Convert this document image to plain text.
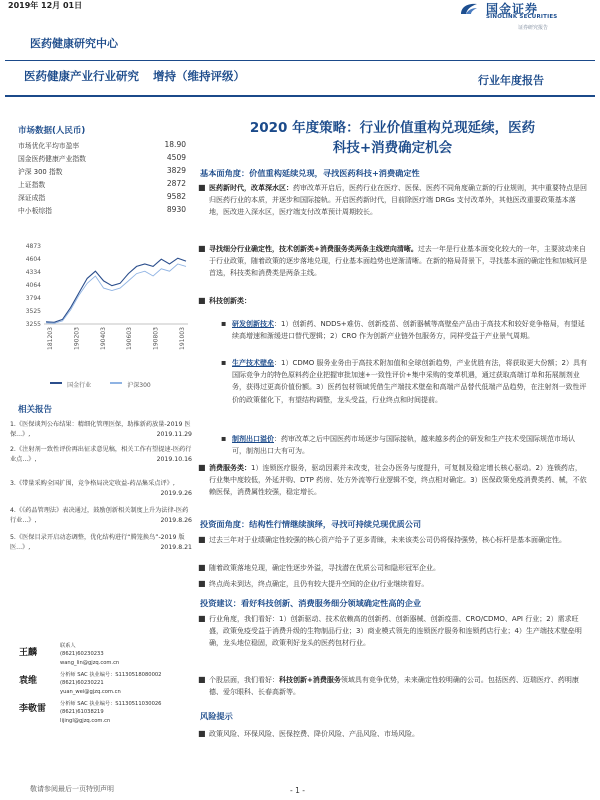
2019年 12月 01日	国金证券
SINOLINK SECURITIES
证券研究报告
医药健康研究中心
医药健康产业行业研究 增持（维持评级）	行业年度报告
市场数据(人民币)
市场优化平均市盈率	18.90
国金医药健康产业指数	4509
沪深 300 指数	3829
上证指数	2872
深证成指	9582
中小板综指	8930
4873
4604
4334
4064
3794
3525
3255
181203	190203	190403	190603	190803	191003
国金行业	沪深300
相关报告
1.《医保谈判公布结果：精细化管理医保，助推新药放量-2019 医保...》,	2019.11.29
2.《注射剂一致性评价再出征求意见稿，相关工作有望提速-医药行业点...》,	2019.10.16
3.《带量采购全国扩围，竞争格局决定收益-药品集采点评》,
2019.9.26
4.《《药品管理法》表决通过，鼓励创新相关制度上升为法律-医药行业...》,	2019.8.26
5.《医保目录开启动态调整，优化结构进行“腾笼换鸟”-2019 版医...》,	2019.8.21
王麟
联系人
(8621)60230233
wang_lin@gjzq.com.cn
袁维
分析师 SAC 执业编号：S1130518080002
(8621)60230221
yuan_wei@gjzq.com.cn
李敬雷	分析师 SAC 执业编号：S1130511030026
(8621)61038219
lijingl@gjzq.com.cn
2020 年度策略：行业价值重构兑现延续，医药
科技+消费确定机会
基本面角度：价值重构延续兑现，寻找医药科技+消费确定性
■ 医药新时代，改革深水区：药审改革开启后，医药行业在医疗、医保、医药不同角度确立新的行业规则，其中重要特点是回归医药行业的本质，并逐步和国际接轨。开启医药新时代，目前除医疗端 DRGs 支付改革外，其他医改重要政策基本落地，医改进入深水区，医疗端支付改革预计周期较长。
■ 寻找细分行业确定性，技术创新类+消费服务类两条主线逆向清晰。过去一年是行业基本面变化较大的一年，主要波动来自于行业政策，随着政策的逐步落地兑现，行业基本面趋势也逆渐清晰。在新的格局背景下，寻找基本面的确定性和加城河是首选，科技类和消费类是两条主线。
■ 科技创新类：
▪ 研发创新技术：1）创新药、NDDS+难仿、创新疫苗、创新器械等高壁垒产品由于高技术和较好竞争格局，有望延续高增速和渐缓进口替代逻辑；2）CRO 作为创新产业链外包服务方，同样受益于产业景气周期。
▪ 生产技术壁垒：1）CDMO 服务业务由于高技术附加值和全球创新趋势，产业优胜有法，将获取更大份额；2）具有国际竞争力的特色原料药企业把握审批加速+一致性评价+集中采购的变革机遇，通过获取高端订单和拓展制剂业务，获得过更高价值份额。3）医药包材领域凭借生产端技术壁垒和高端产品替代低端产品趋势，在注射剂一致性评价的政策催化下，有望结构调整，龙头受益，行业终点和时间提前。
▪ 制剂出口溢价：药审改革之后中国医药市场逐步与国际接轨，越来越多药企的研发和生产技术受国际规范市场认可，制剂出口大有可为。
■ 消费服务类：1）连锁医疗服务，驱动因素并未改变，社会办医务与度提升，可复制及稳定增长核心驱动。2）连锁药店，行业集中度较低，外延并购、DTP 药房、处方外流等行业逻辑不变，终点相对确定。3）医保政策免疫消费类药、械，不依赖医保，消费属性较强，稳定增长。
投资面角度：结构性行情继续演绎，寻找可持续兑现优质公司
■ 过去三年对于业绩确定性较强的核心资产给予了更多青睐，未来该类公司仍将保持强势，核心标杆是基本面确定性。
■ 随着政策落地兑现，确定性逐步外溢，寻找潜在优质公司和隐形冠军企业。
■ 终点尚未到达，终点确定，且仍有较大提升空间的企业/行业继续看好。
投资建议：看好科技创新、消费服务细分领域确定性高的企业
■ 行业角度，我们看好：1）创新驱动、技术依赖高的创新药、创新器械、创新疫苗、CRO/CDMO、API 行业；2）需求旺盛，政策免疫受益于消费升级的生物制品行业；3）商业模式领先的连锁医疗服务和连锁药店行业；4）生产端技术壁垒明确，龙头地位稳固，政策利好龙头的医药包材行业。
■ 个股层面，我们看好：科技创新+消费服务领域具有竞争优势，未来确定性较明确的公司。包括医药、迈瑞医疗、药明康德、爱尔眼科、长春高新等。
风险提示
■ 政策风险、环保风险、医保控费、降价风险、产品风险、市场风险。
敬请参阅最后一页特别声明	- 1 -
